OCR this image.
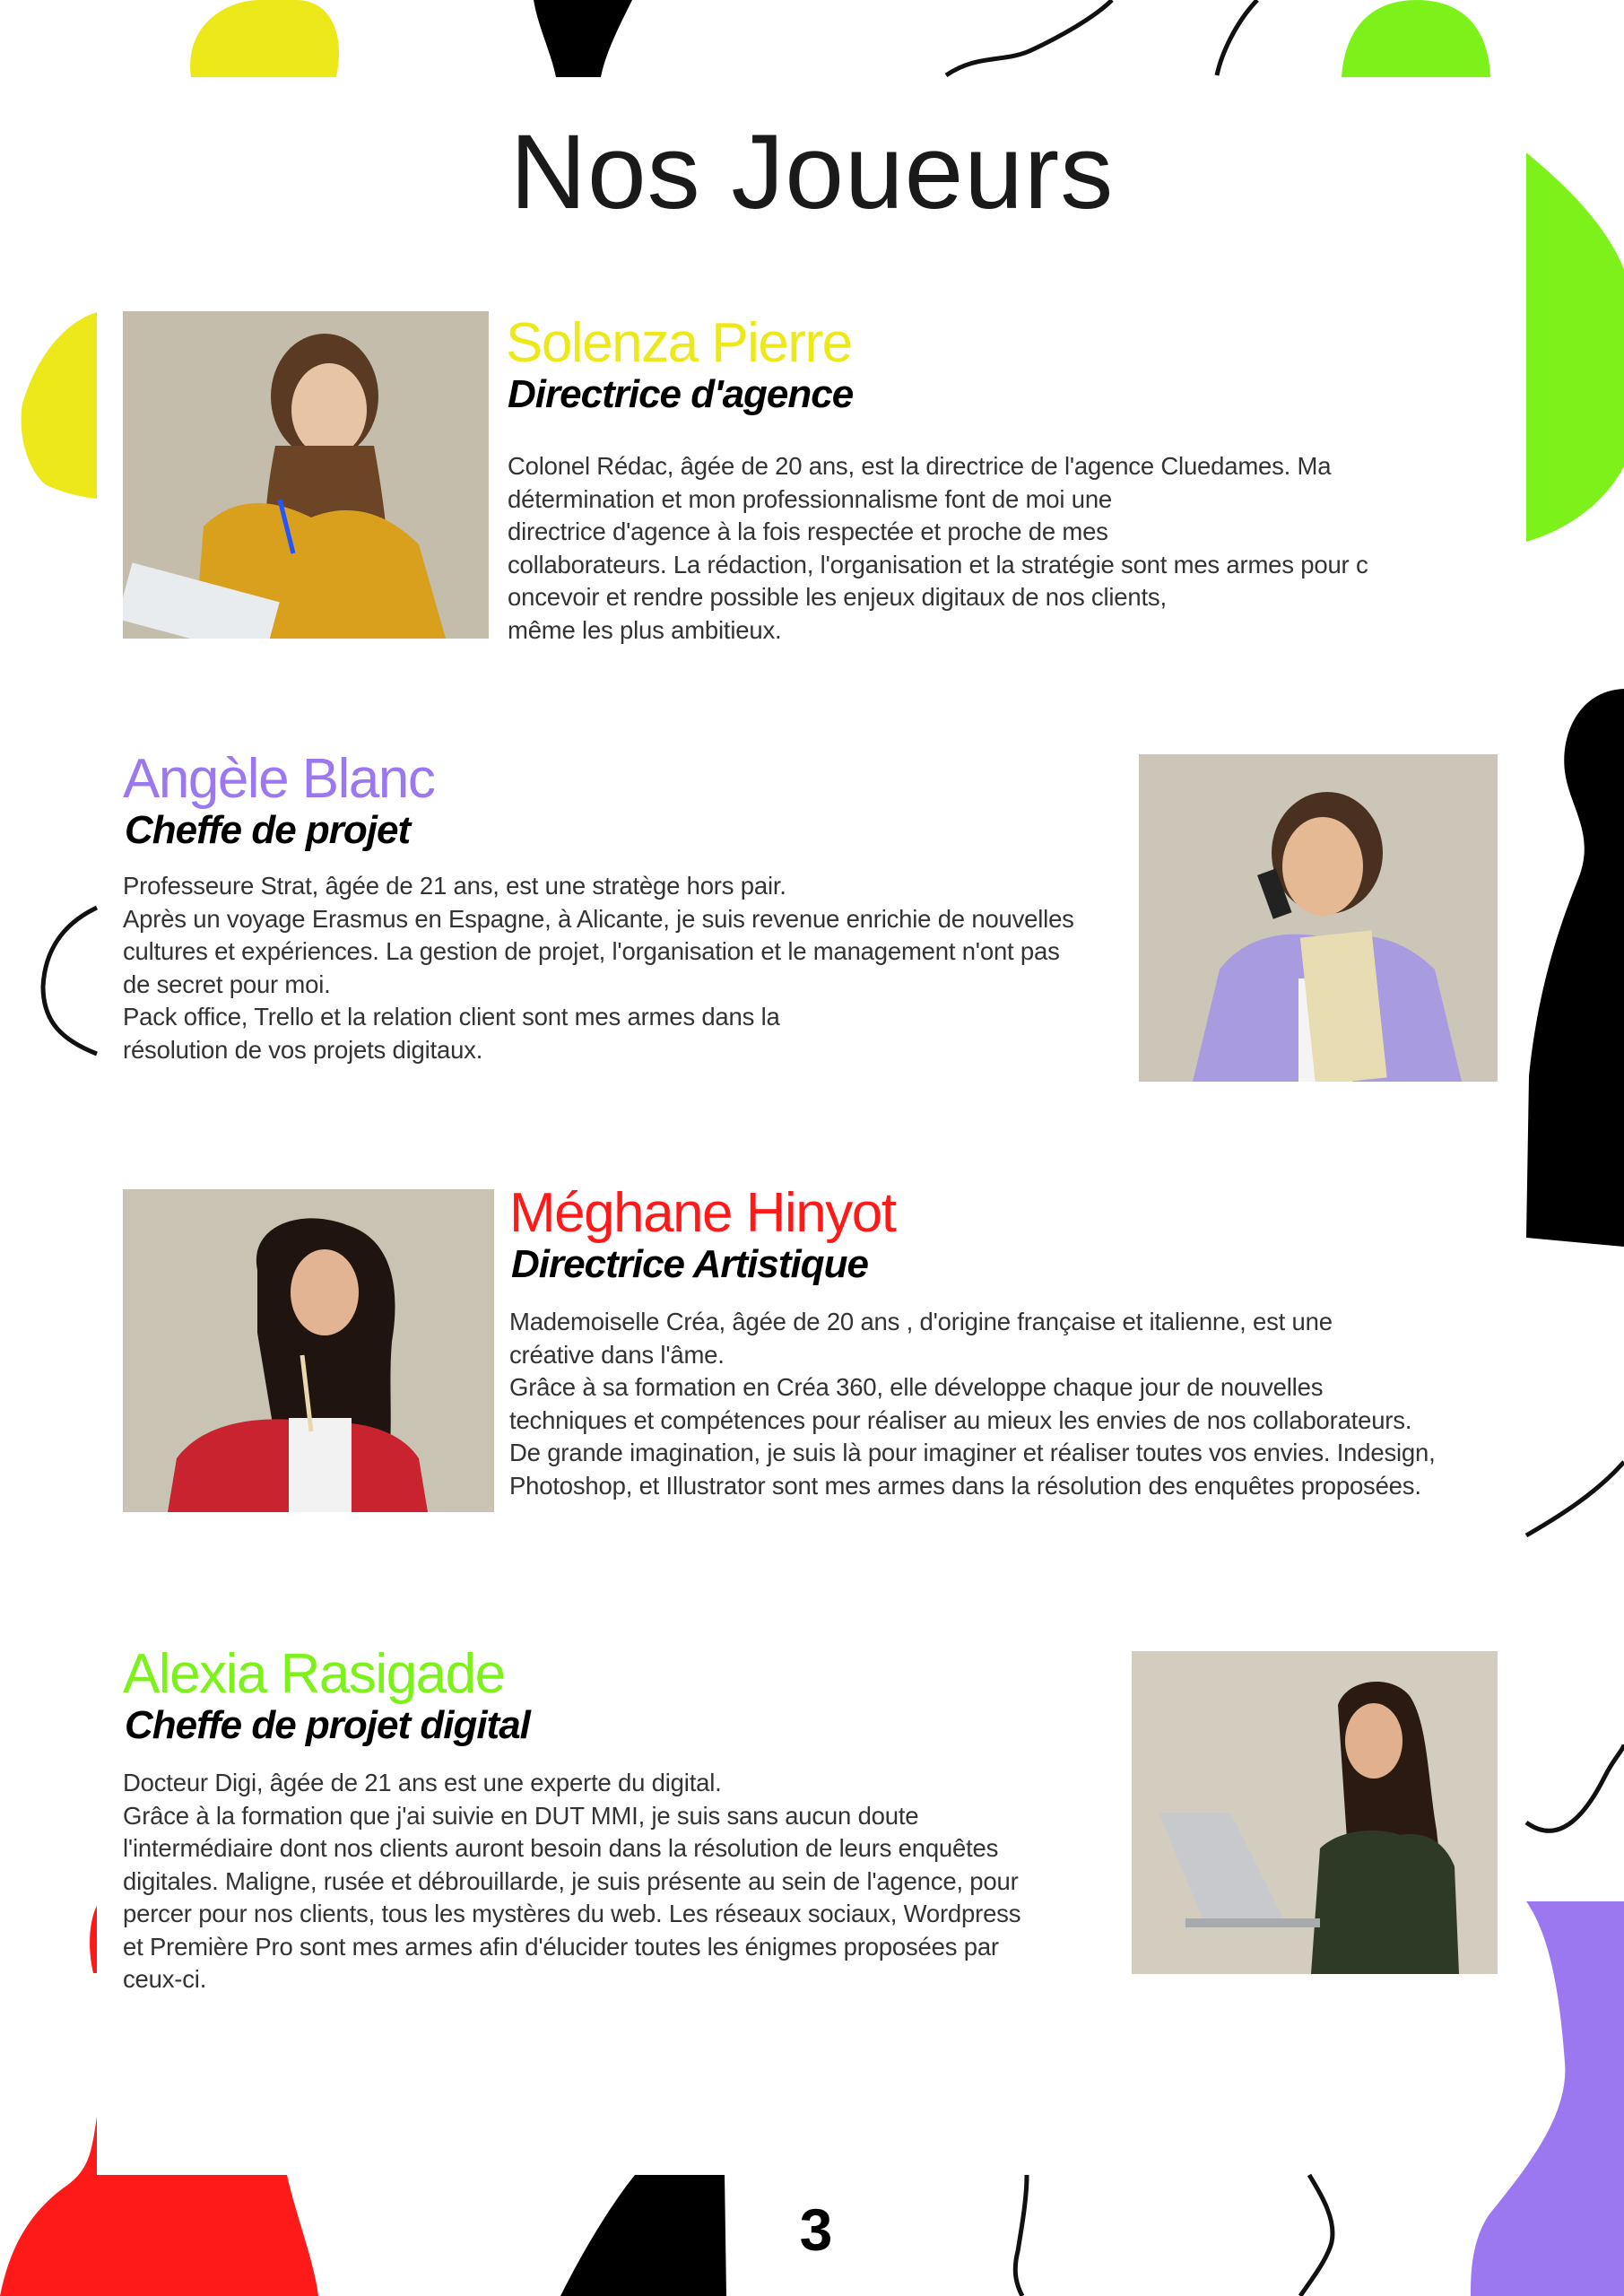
Nos Joueurs
Solenza Pierre
Directrice d'agence

Colonel Rédac, âgée de 20 ans, est la directrice de l'agence Cluedames. Ma
détermination et mon professionnalisme font de moi une
directrice d'agence à la fois respectée et proche de mes
collaborateurs. La rédaction, l'organisation et la stratégie sont mes armes pour c
oncevoir et rendre possible les enjeux digitaux de nos clients,
même les plus ambitieux.

Angèle Blanc
Cheffe de projet

Professeure Strat, âgée de 21 ans, est une stratège hors pair.
Après un voyage Erasmus en Espagne, à Alicante, je suis revenue enrichie de nouvelles
cultures et expériences. La gestion de projet, l'organisation et le management n'ont pas
de secret pour moi.
Pack office, Trello et la relation client sont mes armes dans la
résolution de vos projets digitaux.

Méghane Hinyot
Directrice Artistique

Mademoiselle Créa, âgée de 20 ans , d'origine française et italienne, est une
créative dans l'âme.
Grâce à sa formation en Créa 360, elle développe chaque jour de nouvelles
techniques et compétences pour réaliser au mieux les envies de nos collaborateurs.
De grande imagination, je suis là pour imaginer et réaliser toutes vos envies. Indesign,
Photoshop, et Illustrator sont mes armes dans la résolution des enquêtes proposées.

Alexia Rasigade
Cheffe de projet digital

Docteur Digi, âgée de 21 ans est une experte du digital.
Grâce à la formation que j'ai suivie en DUT MMI, je suis sans aucun doute
l'intermédiaire dont nos clients auront besoin dans la résolution de leurs enquêtes
digitales. Maligne, rusée et débrouillarde, je suis présente au sein de l'agence, pour
percer pour nos clients, tous les mystères du web. Les réseaux sociaux, Wordpress
et Première Pro sont mes armes afin d'élucider toutes les énigmes proposées par
ceux-ci.

3
